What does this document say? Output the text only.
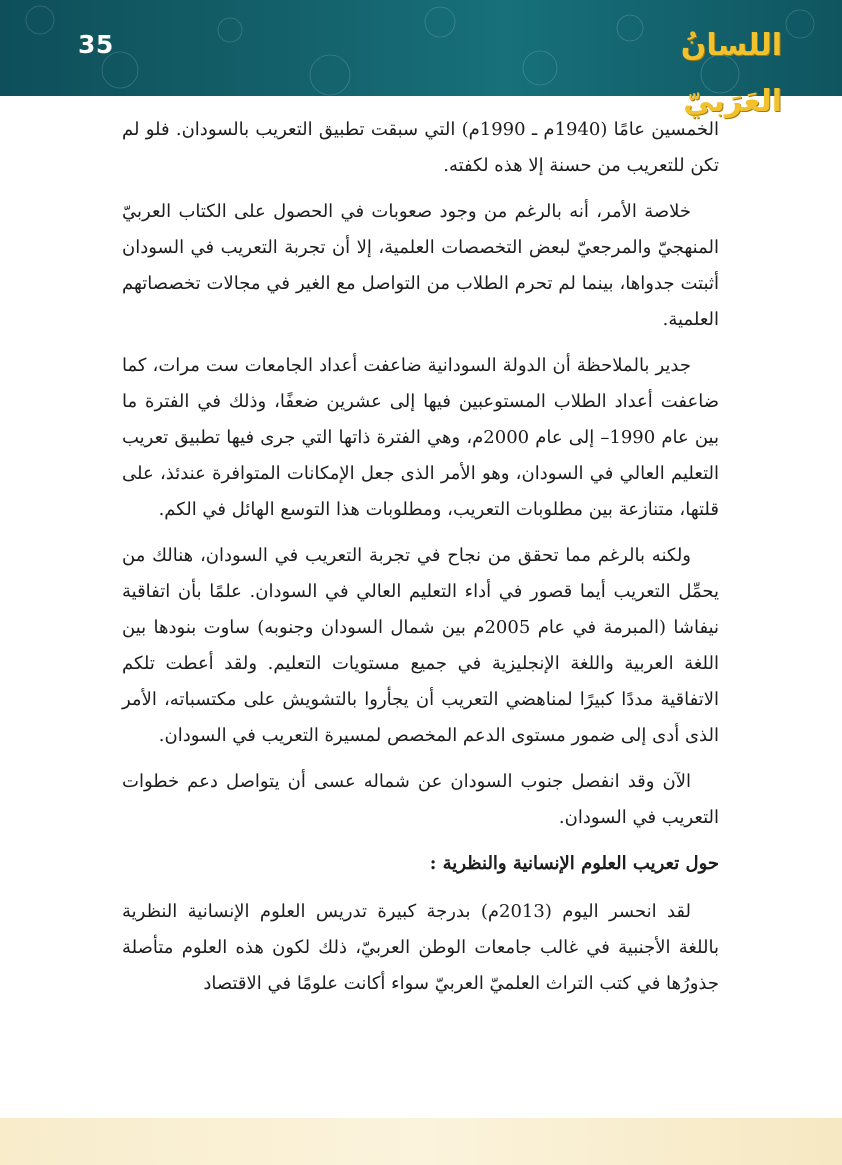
35	اللسانُ العَرَبيّ

الخمسين عامًا (1940م ـ 1990م) التي سبقت تطبيق التعريب بالسودان. فلو لم تكن للتعريب من حسنة إلا هذه لكفته.

خلاصة الأمر، أنه بالرغم من وجود صعوبات في الحصول على الكتاب العربيّ المنهجيّ والمرجعيّ لبعض التخصصات العلمية، إلا أن تجربة التعريب في السودان أثبتت جدواها، بينما لم تحرم الطلاب من التواصل مع الغير في مجالات تخصصاتهم العلمية.

جدير بالملاحظة أن الدولة السودانية ضاعفت أعداد الجامعات ست مرات، كما ضاعفت أعداد الطلاب المستوعبين فيها إلى عشرين ضعفًا، وذلك في الفترة ما بين عام 1990– إلى عام 2000م، وهي الفترة ذاتها التي جرى فيها تطبيق تعريب التعليم العالي في السودان، وهو الأمر الذى جعل الإمكانات المتوافرة عندئذ، على قلتها، متنازعة بين مطلوبات التعريب، ومطلوبات هذا التوسع الهائل في الكم.

ولكنه بالرغم مما تحقق من نجاح في تجربة التعريب في السودان، هنالك من يحمِّل التعريب أيما قصور في أداء التعليم العالي في السودان. علمًا بأن اتفاقية نيفاشا (المبرمة في عام 2005م بين شمال السودان وجنوبه) ساوت بنودها بين اللغة العربية واللغة الإنجليزية في جميع مستويات التعليم. ولقد أعطت تلكم الاتفاقية مددًا كبيرًا لمناهضي التعريب أن يجأروا بالتشويش على مكتسباته، الأمر الذى أدى إلى ضمور مستوى الدعم المخصص لمسيرة التعريب في السودان.

الآن وقد انفصل جنوب السودان عن شماله عسى أن يتواصل دعم خطوات التعريب في السودان.

حول تعريب العلوم الإنسانية والنظرية :

لقد انحسر اليوم (2013م) بدرجة كبيرة تدريس العلوم الإنسانية النظرية باللغة الأجنبية في غالب جامعات الوطن العربيّ، ذلك لكون هذه العلوم متأصلة جذورُها في كتب التراث العلميّ العربيّ سواء أكانت علومًا في الاقتصاد
